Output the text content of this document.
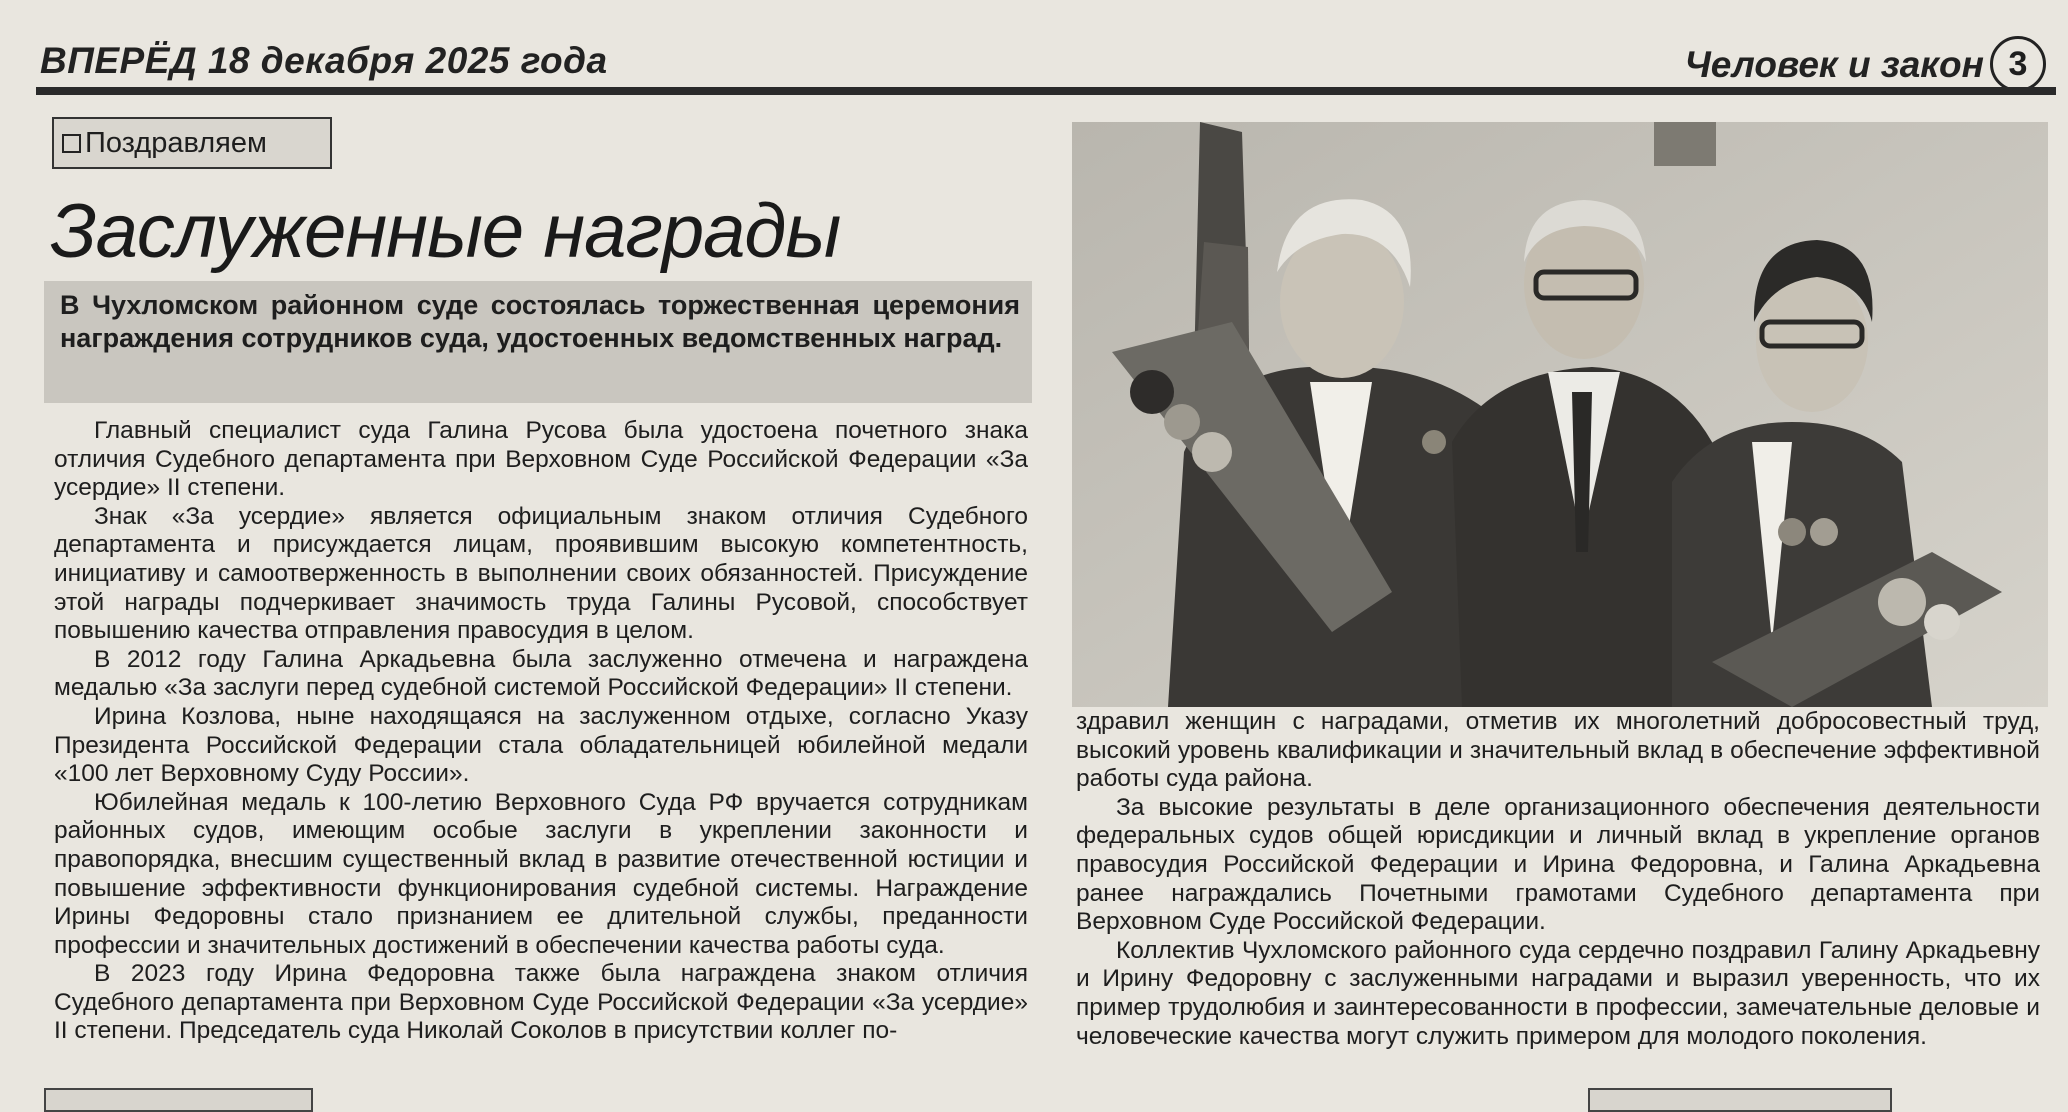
ВПЕРЁД 18 декабря 2025 года	Человек и закон 3
Поздравляем
Заслуженные награды
В Чухломском районном суде состоялась торжественная церемония награждения сотрудников суда, удостоенных ведомственных наград.

Главный специалист суда Галина Русова была удостоена почетного знака отличия Судебного департамента при Верховном Суде Российской Федерации «За усердие» II степени.

Знак «За усердие» является официальным знаком отличия Судебного департамента и присуждается лицам, проявившим высокую компетентность, инициативу и самоотверженность в выполнении своих обязанностей. Присуждение этой награды подчеркивает значимость труда Галины Русовой, способствует повышению качества отправления правосудия в целом.

В 2012 году Галина Аркадьевна была заслуженно отмечена и награждена медалью «За заслуги перед судебной системой Российской Федерации» II степени.

Ирина Козлова, ныне находящаяся на заслуженном отдыхе, согласно Указу Президента Российской Федерации стала обладательницей юбилейной медали «100 лет Верховному Суду России».

Юбилейная медаль к 100-летию Верховного Суда РФ вручается сотрудникам районных судов, имеющим особые заслуги в укреплении законности и правопорядка, внесшим существенный вклад в развитие отечественной юстиции и повышение эффективности функционирования судебной системы. Награждение Ирины Федоровны стало признанием ее длительной службы, преданности профессии и значительных достижений в обеспечении качества работы суда.

В 2023 году Ирина Федоровна также была награждена знаком отличия Судебного департамента при Верховном Суде Российской Федерации «За усердие» II степени. Председатель суда Николай Соколов в присутствии коллег по-

здравил женщин с наградами, отметив их многолетний добросовестный труд, высокий уровень квалификации и значительный вклад в обеспечение эффективной работы суда района.

За высокие результаты в деле организационного обеспечения деятельности федеральных судов общей юрисдикции и личный вклад в укрепление органов правосудия Российской Федерации и Ирина Федоровна, и Галина Аркадьевна ранее награждались Почетными грамотами Судебного департамента при Верховном Суде Российской Федерации.

Коллектив Чухломского районного суда сердечно поздравил Галину Аркадьевну и Ирину Федоровну с заслуженными наградами и выразил уверенность, что их пример трудолюбия и заинтересованности в профессии, замечательные деловые и человеческие качества могут служить примером для молодого поколения.
